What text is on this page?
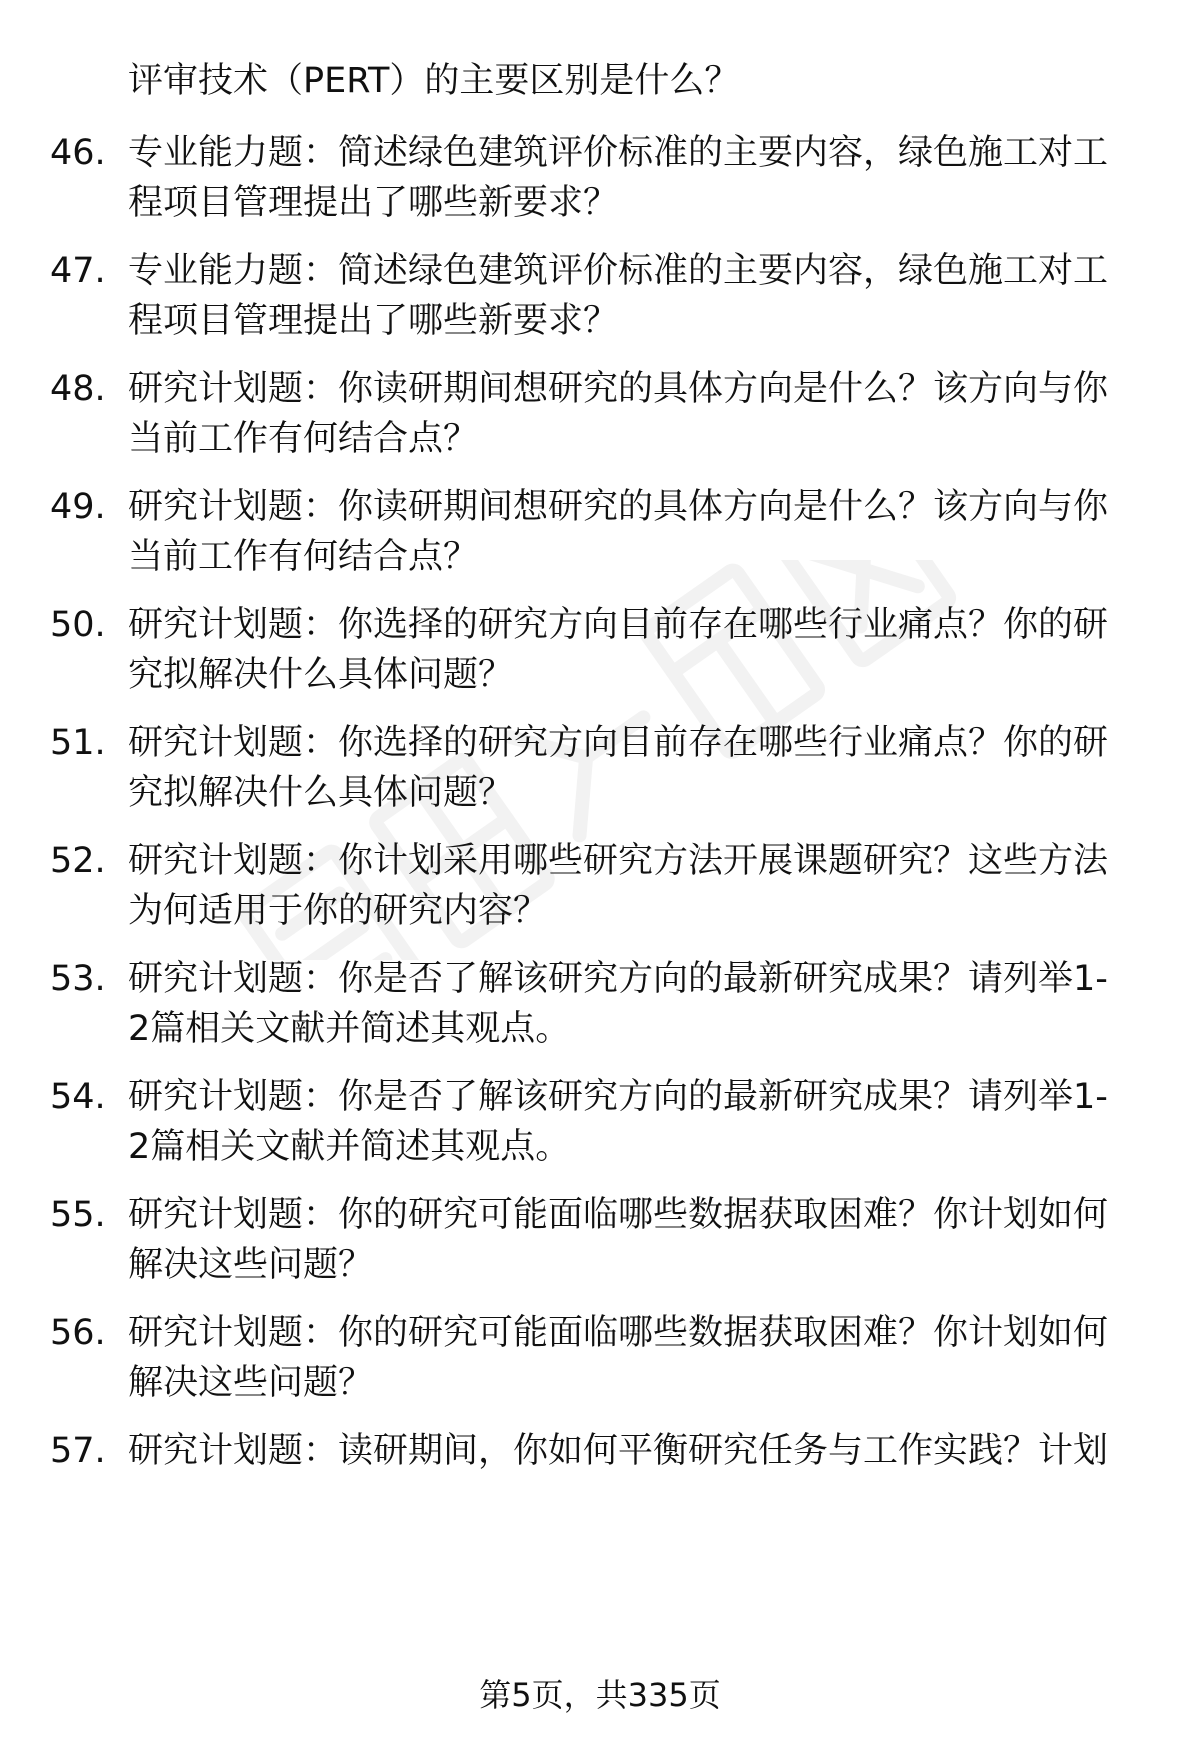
评审技术（PERT）的主要区别是什么？
46. 专业能力题：简述绿色建筑评价标准的主要内容，绿色施工对工
程项目管理提出了哪些新要求？
47. 专业能力题：简述绿色建筑评价标准的主要内容，绿色施工对工
程项目管理提出了哪些新要求？
48. 研究计划题：你读研期间想研究的具体方向是什么？该方向与你
当前工作有何结合点？
49. 研究计划题：你读研期间想研究的具体方向是什么？该方向与你
当前工作有何结合点？
50. 研究计划题：你选择的研究方向目前存在哪些行业痛点？你的研
究拟解决什么具体问题？
51. 研究计划题：你选择的研究方向目前存在哪些行业痛点？你的研
究拟解决什么具体问题？
52. 研究计划题：你计划采用哪些研究方法开展课题研究？这些方法
为何适用于你的研究内容？
53. 研究计划题：你是否了解该研究方向的最新研究成果？请列举1-
2篇相关文献并简述其观点。
54. 研究计划题：你是否了解该研究方向的最新研究成果？请列举1-
2篇相关文献并简述其观点。
55. 研究计划题：你的研究可能面临哪些数据获取困难？你计划如何
解决这些问题？
56. 研究计划题：你的研究可能面临哪些数据获取困难？你计划如何
解决这些问题？
57. 研究计划题：读研期间，你如何平衡研究任务与工作实践？计划
第5页，共335页
